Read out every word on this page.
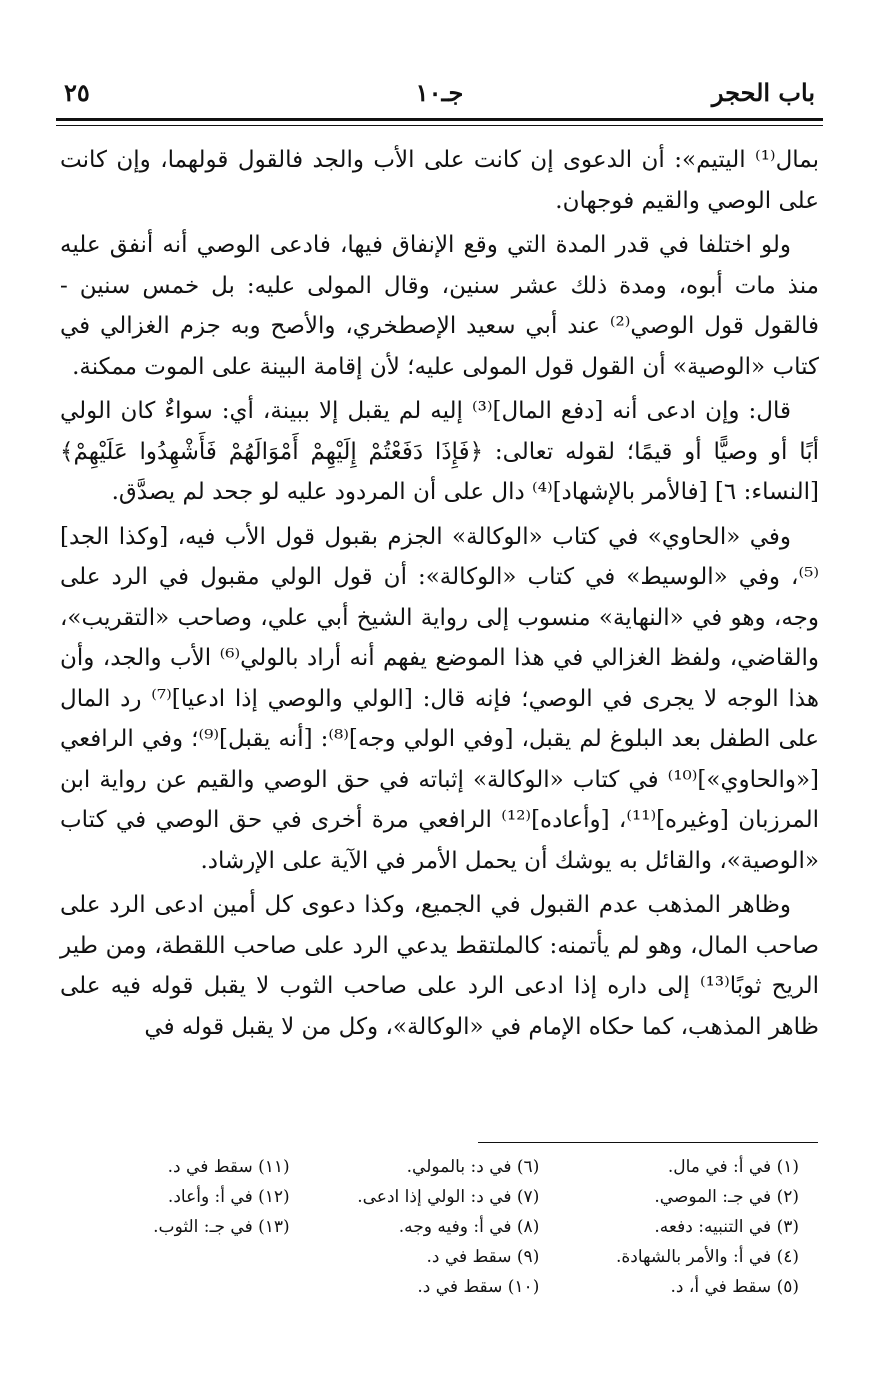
باب الحجر
جـ١٠
٢٥

بمال⁽¹⁾ اليتيم»: أن الدعوى إن كانت على الأب والجد فالقول قولهما، وإن كانت على الوصي والقيم فوجهان.

ولو اختلفا في قدر المدة التي وقع الإنفاق فيها، فادعى الوصي أنه أنفق عليه منذ مات أبوه، ومدة ذلك عشر سنين، وقال المولى عليه: بل خمس سنين - فالقول قول الوصي⁽²⁾ عند أبي سعيد الإصطخري، والأصح وبه جزم الغزالي في كتاب «الوصية» أن القول قول المولى عليه؛ لأن إقامة البينة على الموت ممكنة.

قال: وإن ادعى أنه [دفع المال]⁽³⁾ إليه لم يقبل إلا ببينة، أي: سواءٌ كان الولي أبًا أو وصيًّا أو قيمًا؛ لقوله تعالى: ﴿فَإِذَا دَفَعْتُمْ إِلَيْهِمْ أَمْوَالَهُمْ فَأَشْهِدُوا عَلَيْهِمْ﴾ [النساء: ٦] [فالأمر بالإشهاد]⁽⁴⁾ دال على أن المردود عليه لو جحد لم يصدَّق.

وفي «الحاوي» في كتاب «الوكالة» الجزم بقبول قول الأب فيه، [وكذا الجد]⁽⁵⁾، وفي «الوسيط» في كتاب «الوكالة»: أن قول الولي مقبول في الرد على وجه، وهو في «النهاية» منسوب إلى رواية الشيخ أبي علي، وصاحب «التقريب»، والقاضي، ولفظ الغزالي في هذا الموضع يفهم أنه أراد بالولي⁽⁶⁾ الأب والجد، وأن هذا الوجه لا يجرى في الوصي؛ فإنه قال: [الولي والوصي إذا ادعيا]⁽⁷⁾ رد المال على الطفل بعد البلوغ لم يقبل، [وفي الولي وجه]⁽⁸⁾: [أنه يقبل]⁽⁹⁾؛ وفي الرافعي [«والحاوي»]⁽¹⁰⁾ في كتاب «الوكالة» إثباته في حق الوصي والقيم عن رواية ابن المرزبان [وغيره]⁽¹¹⁾، [وأعاده]⁽¹²⁾ الرافعي مرة أخرى في حق الوصي في كتاب «الوصية»، والقائل به يوشك أن يحمل الأمر في الآية على الإرشاد.

وظاهر المذهب عدم القبول في الجميع، وكذا دعوى كل أمين ادعى الرد على صاحب المال، وهو لم يأتمنه: كالملتقط يدعي الرد على صاحب اللقطة، ومن طير الريح ثوبًا⁽¹³⁾ إلى داره إذا ادعى الرد على صاحب الثوب لا يقبل قوله فيه على ظاهر المذهب، كما حكاه الإمام في «الوكالة»، وكل من لا يقبل قوله في

(١) في أ: في مال.
(٢) في جـ: الموصي.
(٣) في التنبيه: دفعه.
(٤) في أ: والأمر بالشهادة.
(٥) سقط في أ، د.
(٦) في د: بالمولي.
(٧) في د: الولي إذا ادعى.
(٨) في أ: وفيه وجه.
(٩) سقط في د.
(١٠) سقط في د.
(١١) سقط في د.
(١٢) في أ: وأعاد.
(١٣) في جـ: الثوب.
